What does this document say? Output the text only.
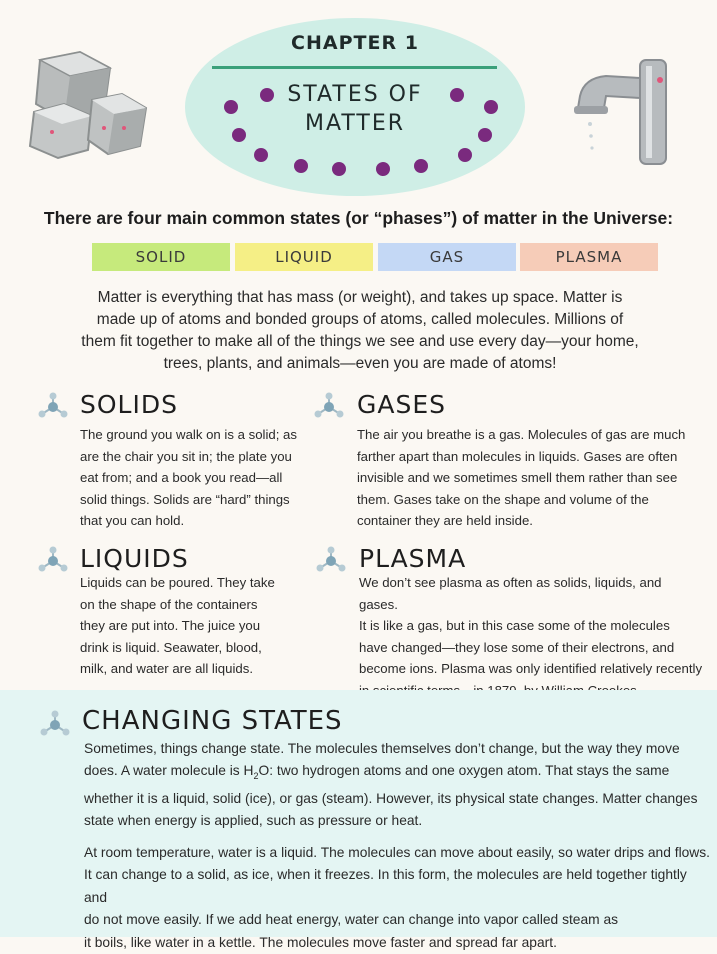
CHAPTER 1
STATES OF
MATTER
There are four main common states (or “phases”) of matter in the Universe:
SOLID	LIQUID	GAS	PLASMA

Matter is everything that has mass (or weight), and takes up space. Matter is made up of atoms and bonded groups of atoms, called molecules. Millions of them fit together to make all of the things we see and use every day—your home, trees, plants, and animals—even you are made of atoms!

SOLIDS

The ground you walk on is a solid; as

are the chair you sit in; the plate you

eat from; and a book you read—all

solid things. Solids are “hard” things

that you can hold.

GASES

The air you breathe is a gas. Molecules of gas are much

farther apart than molecules in liquids. Gases are often

invisible and we sometimes smell them rather than see

them. Gases take on the shape and volume of the

container they are held inside.

LIQUIDS

Liquids can be poured. They take

on the shape of the containers

they are put into. The juice you

drink is liquid. Seawater, blood,

milk, and water are all liquids.

PLASMA

We don’t see plasma as often as solids, liquids, and gases.

It is like a gas, but in this case some of the molecules

have changed—they lose some of their electrons, and

become ions. Plasma was only identified relatively recently

CHANGING STATES

Sometimes, things change state. The molecules themselves don’t change, but the way they move

does. A water molecule is $H_2O$: two hydrogen atoms and one oxygen atom. That stays the same

whether it is a liquid, solid (ice), or gas (steam). However, its physical state changes. Matter changes

state when energy is applied, such as pressure or heat.

At room temperature, water is a liquid. The molecules can move about easily, so water drips and flows.

It can change to a solid, as ice, when it freezes. In this form, the molecules are held together tightly and

do not move easily. If we add heat energy, water can change into vapor called steam as

it boils, like water in a kettle. The molecules move faster and spread far apart.
